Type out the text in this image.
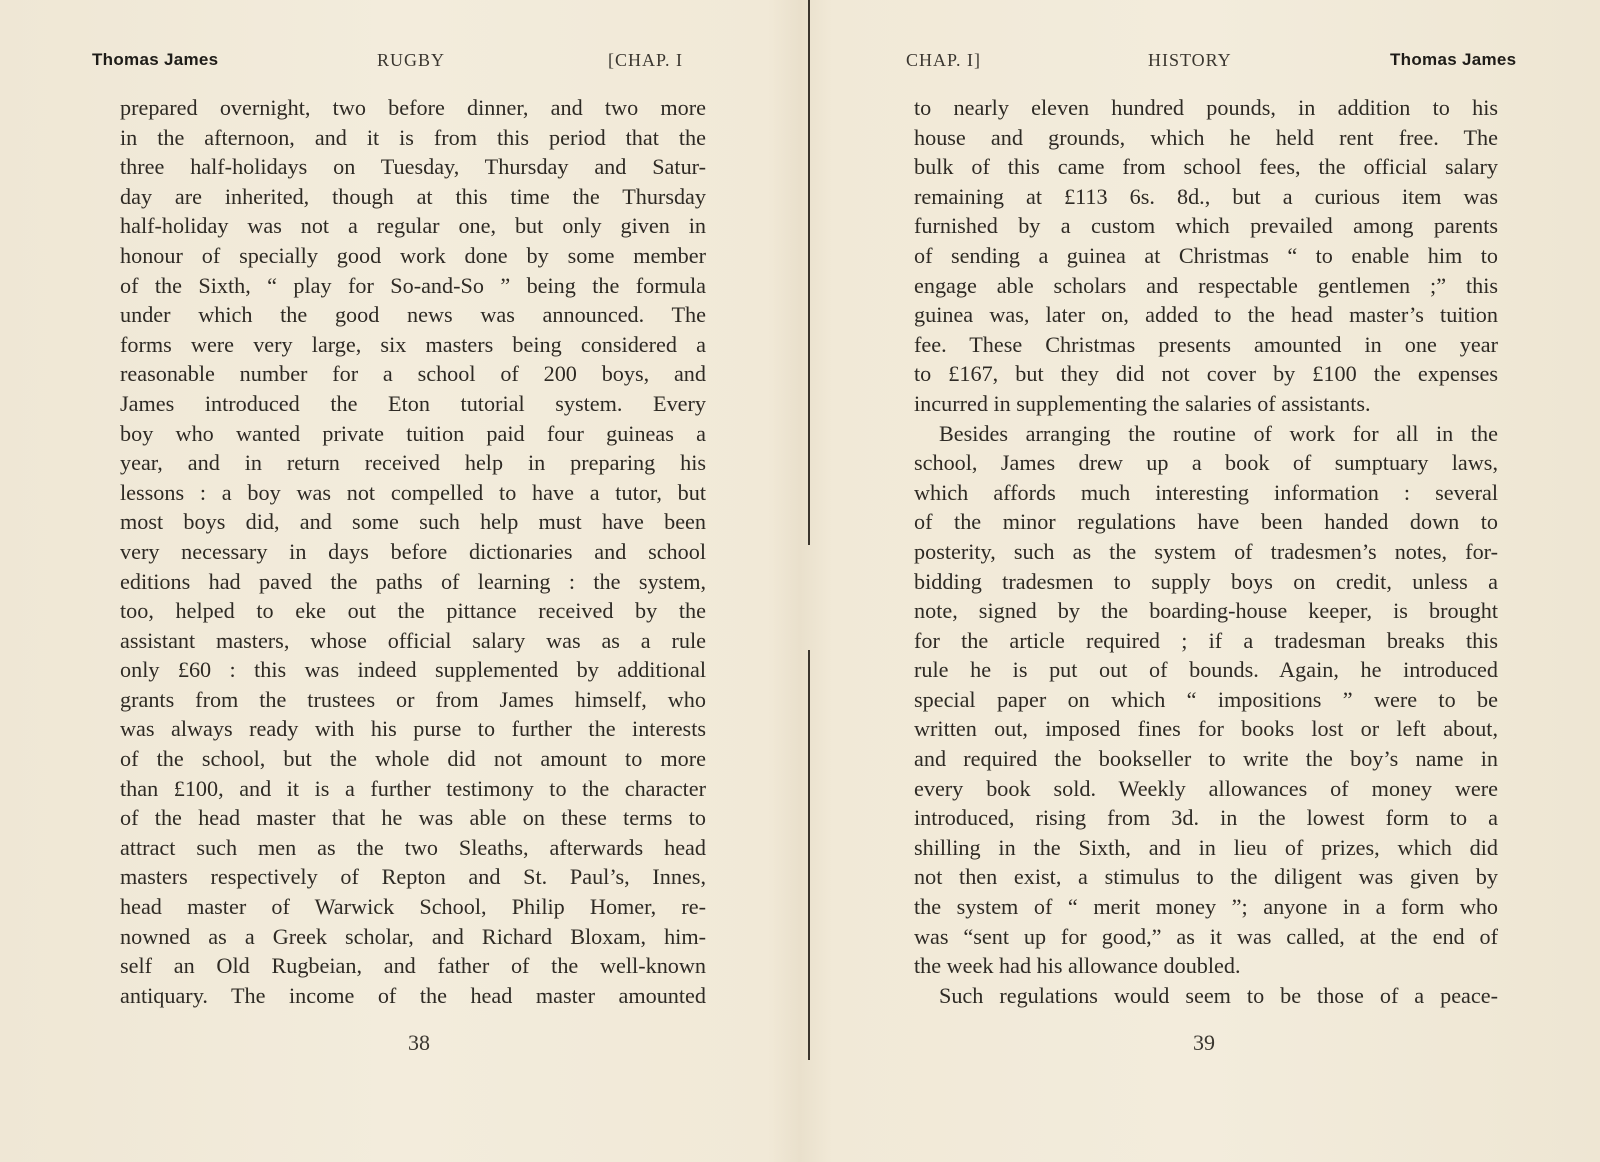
Thomas James	RUGBY	[CHAP. I
prepared overnight, two before dinner, and two more
in the afternoon, and it is from this period that the
three half-holidays on Tuesday, Thursday and Satur-
day are inherited, though at this time the Thursday
half-holiday was not a regular one, but only given in
honour of specially good work done by some member
of the Sixth, “ play for So-and-So ” being the formula
under which the good news was announced. The
forms were very large, six masters being considered a
reasonable number for a school of 200 boys, and
James introduced the Eton tutorial system. Every
boy who wanted private tuition paid four guineas a
year, and in return received help in preparing his
lessons : a boy was not compelled to have a tutor, but
most boys did, and some such help must have been
very necessary in days before dictionaries and school
editions had paved the paths of learning : the system,
too, helped to eke out the pittance received by the
assistant masters, whose official salary was as a rule
only £60 : this was indeed supplemented by additional
grants from the trustees or from James himself, who
was always ready with his purse to further the interests
of the school, but the whole did not amount to more
than £100, and it is a further testimony to the character
of the head master that he was able on these terms to
attract such men as the two Sleaths, afterwards head
masters respectively of Repton and St. Paul’s, Innes,
head master of Warwick School, Philip Homer, re-
nowned as a Greek scholar, and Richard Bloxam, him-
self an Old Rugbeian, and father of the well-known
antiquary. The income of the head master amounted
38
CHAP. I]	HISTORY	Thomas James
to nearly eleven hundred pounds, in addition to his
house and grounds, which he held rent free. The
bulk of this came from school fees, the official salary
remaining at £113 6s. 8d., but a curious item was
furnished by a custom which prevailed among parents
of sending a guinea at Christmas “ to enable him to
engage able scholars and respectable gentlemen ;” this
guinea was, later on, added to the head master’s tuition
fee. These Christmas presents amounted in one year
to £167, but they did not cover by £100 the expenses
incurred in supplementing the salaries of assistants.
Besides arranging the routine of work for all in the
school, James drew up a book of sumptuary laws,
which affords much interesting information : several
of the minor regulations have been handed down to
posterity, such as the system of tradesmen’s notes, for-
bidding tradesmen to supply boys on credit, unless a
note, signed by the boarding-house keeper, is brought
for the article required ; if a tradesman breaks this
rule he is put out of bounds. Again, he introduced
special paper on which “ impositions ” were to be
written out, imposed fines for books lost or left about,
and required the bookseller to write the boy’s name in
every book sold. Weekly allowances of money were
introduced, rising from 3d. in the lowest form to a
shilling in the Sixth, and in lieu of prizes, which did
not then exist, a stimulus to the diligent was given by
the system of “ merit money ”; anyone in a form who
was “sent up for good,” as it was called, at the end of
the week had his allowance doubled.
Such regulations would seem to be those of a peace-
39
